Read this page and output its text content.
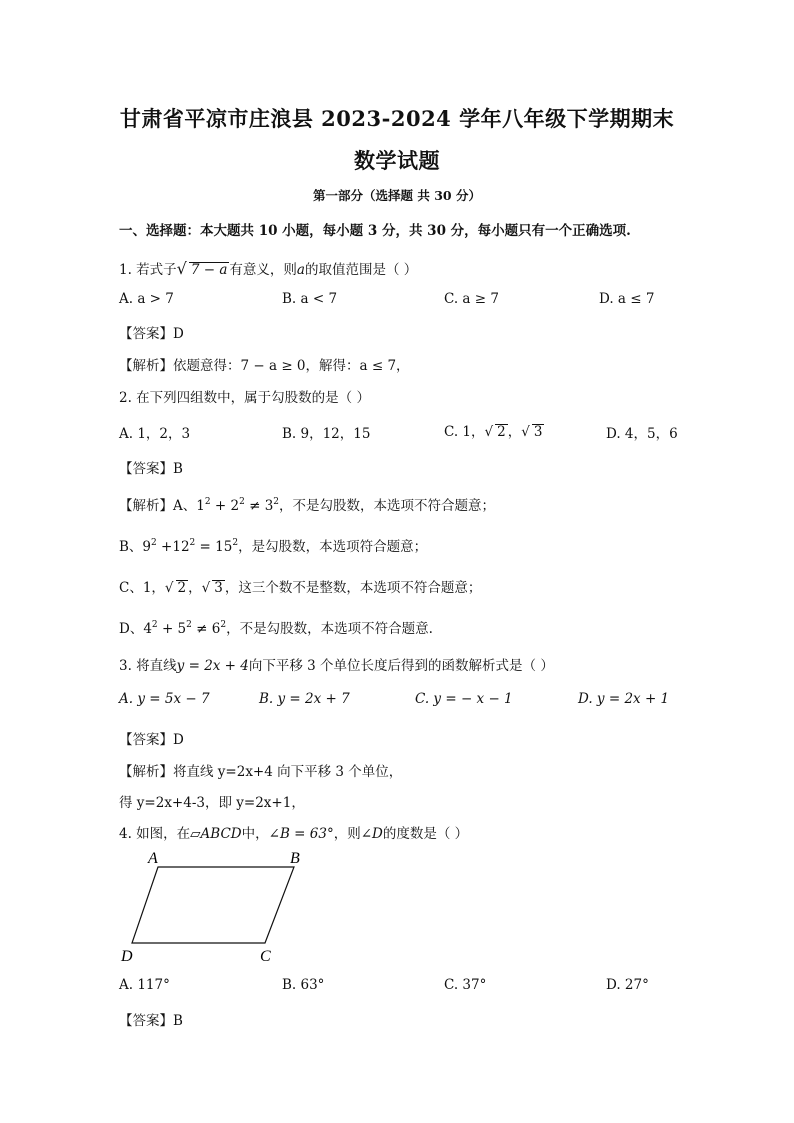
甘肃省平凉市庄浪县 2023-2024 学年八年级下学期期末
数学试题
第一部分（选择题 共 30 分）
一、选择题：本大题共 10 小题，每小题 3 分，共 30 分，每小题只有一个正确选项.
1. 若式子√ 7 − a 有意义，则a的取值范围是（ ）
A. a > 7	B. a < 7	C. a ≥ 7	D. a ≤ 7
【答案】D
【解析】依题意得：7 − a ≥ 0，解得：a ≤ 7，
2. 在下列四组数中，属于勾股数的是（ ）
A. 1，2，3	B. 9，12，15	C. 1，√ 2 ，√ 3	D. 4，5，6
【答案】B
【解析】A、$1^2 + 2^2 \ne 3^2$，不是勾股数，本选项不符合题意；
B、$9^2 +12^2 = 15^2$，是勾股数，本选项符合题意；
C、1，√ 2 ，√ 3 ，这三个数不是整数，本选项不符合题意；
D、$4^2 + 5^2 \ne 6^2$，不是勾股数，本选项不符合题意.
3. 将直线y = 2x + 4向下平移 3 个单位长度后得到的函数解析式是（ ）
A. y = 5x − 7	B. y = 2x + 7	C. y = − x − 1	D. y = 2x + 1
【答案】D
【解析】将直线 y=2x+4 向下平移 3 个单位，
得 y=2x+4-3，即 y=2x+1，
4. 如图，在▱ABCD中，∠B = 63°，则∠D的度数是（ ）
A	B
C
D
A. 117°	B. 63°	C. 37°	D. 27°
【答案】B
